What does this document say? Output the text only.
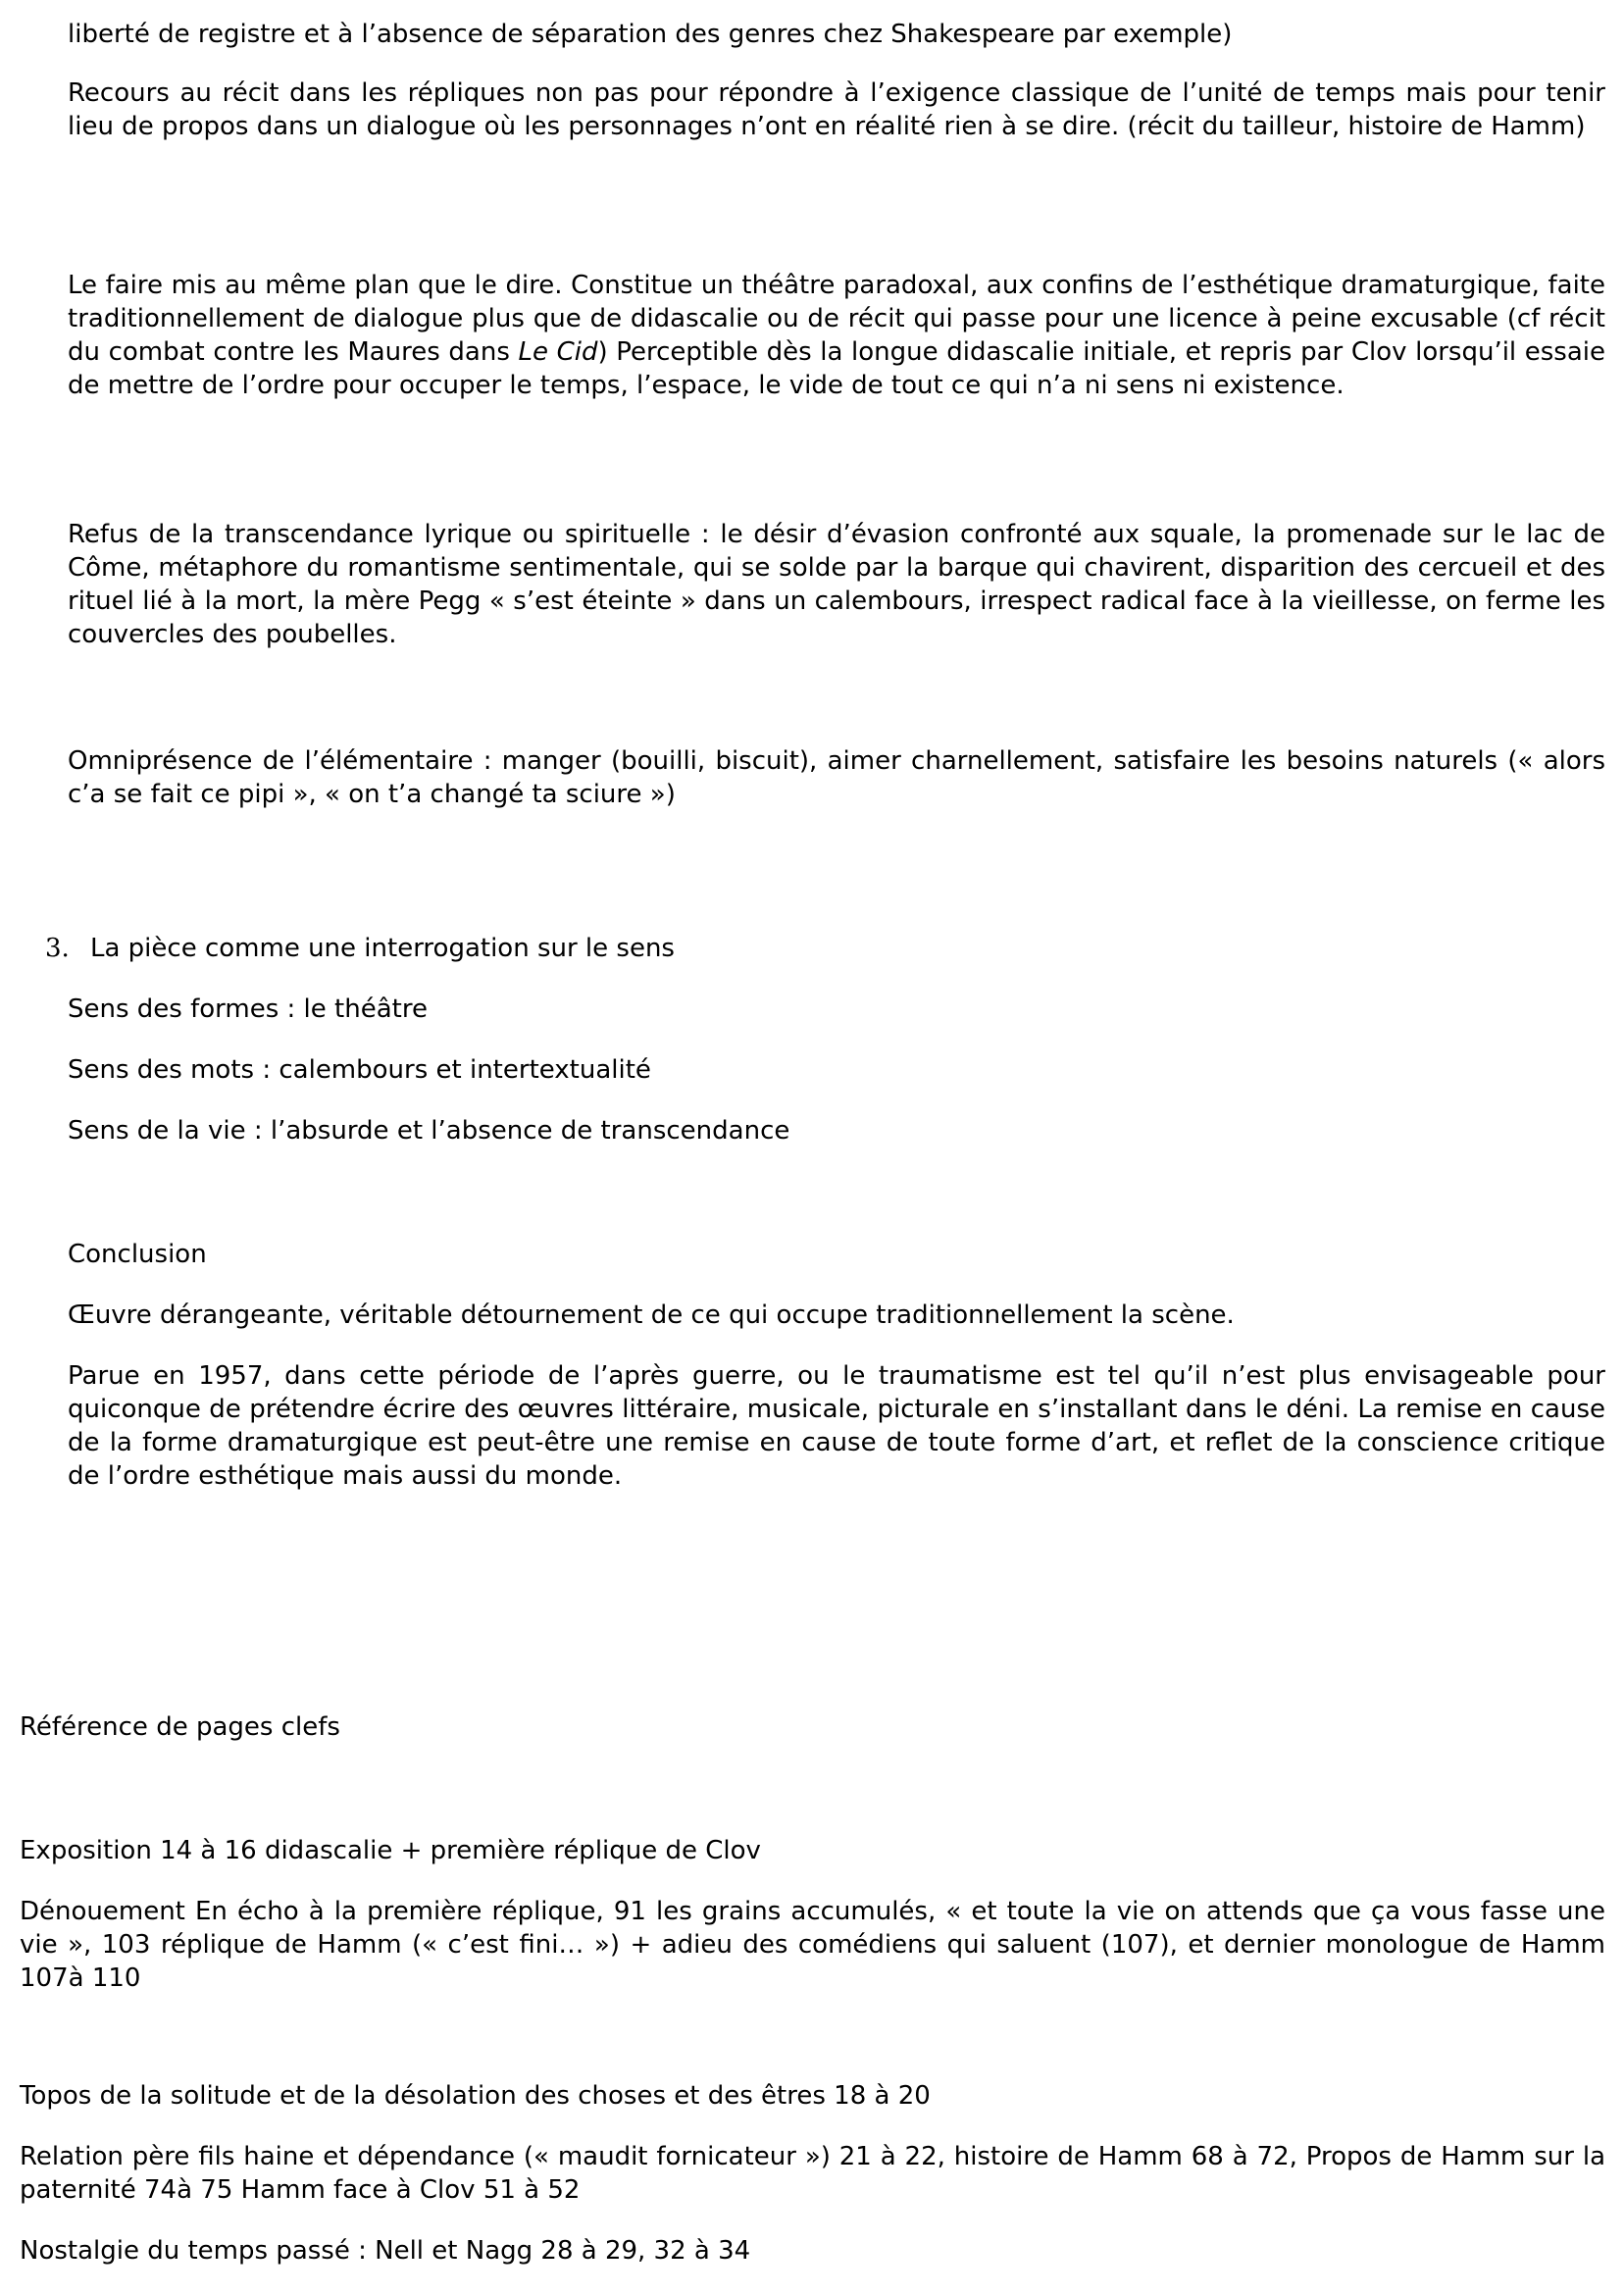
liberté de registre et à l’absence de séparation des genres chez Shakespeare par exemple)

Recours au récit dans les répliques non pas pour répondre à l’exigence classique de l’unité de temps mais pour tenir lieu de propos dans un dialogue où les personnages n’ont en réalité rien à se dire. (récit du tailleur, histoire de Hamm)

Le faire mis au même plan que le dire. Constitue un théâtre paradoxal, aux confins de l’esthétique dramaturgique, faite traditionnellement de dialogue plus que de didascalie ou de récit qui passe pour une licence à peine excusable (cf récit du combat contre les Maures dans Le Cid) Perceptible dès la longue didascalie initiale, et repris par Clov lorsqu’il essaie de mettre de l’ordre pour occuper le temps, l’espace, le vide de tout ce qui n’a ni sens ni existence.

Refus de la transcendance lyrique ou spirituelle : le désir d’évasion confronté aux squale, la promenade sur le lac de Côme, métaphore du romantisme sentimentale, qui se solde par la barque qui chavirent, disparition des cercueil et des rituel lié à la mort, la mère Pegg « s’est éteinte » dans un calembours, irrespect radical face à la vieillesse, on ferme les couvercles des poubelles.

Omniprésence de l’élémentaire : manger (bouilli, biscuit), aimer charnellement, satisfaire les besoins naturels (« alors c’a se fait ce pipi », « on t’a changé ta sciure »)

3. La pièce comme une interrogation sur le sens

Sens des formes : le théâtre

Sens des mots : calembours et intertextualité

Sens de la vie : l’absurde et l’absence de transcendance

Conclusion

Œuvre dérangeante, véritable détournement de ce qui occupe traditionnellement la scène.

Parue en 1957, dans cette période de l’après guerre, ou le traumatisme est tel qu’il n’est plus envisageable pour quiconque de prétendre écrire des œuvres littéraire, musicale, picturale en s’installant dans le déni. La remise en cause de la forme dramaturgique est peut-être une remise en cause de toute forme d’art, et reflet de la conscience critique de l’ordre esthétique mais aussi du monde.

Référence de pages clefs

Exposition 14 à 16 didascalie + première réplique de Clov

Dénouement En écho à la première réplique, 91 les grains accumulés, « et toute la vie on attends que ça vous fasse une vie », 103 réplique de Hamm (« c’est fini… ») + adieu des comédiens qui saluent (107), et dernier monologue de Hamm 107à 110

Topos de la solitude et de la désolation des choses et des êtres 18 à 20

Relation père fils haine et dépendance (« maudit fornicateur ») 21 à 22, histoire de Hamm 68 à 72, Propos de Hamm sur la paternité 74à 75 Hamm face à Clov 51 à 52

Nostalgie du temps passé : Nell et Nagg 28 à 29, 32 à 34
